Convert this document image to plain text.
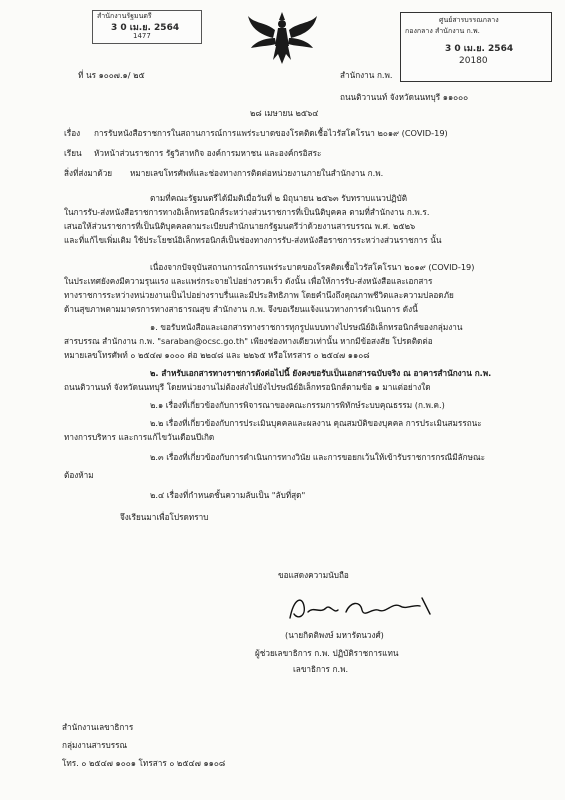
สำนักงานรัฐมนตรี
3 0 เม.ย. 2564
1477
ศูนย์สารบรรณกลาง
กองกลาง สำนักงาน ก.พ.
3 0 เม.ย. 2564
20180
ที่ นร ๑๐๐๗.๑/ ๒๕	สำนักงาน ก.พ.
ถนนติวานนท์ จังหวัดนนทบุรี ๑๑๐๐๐
๒๘ เมษายน ๒๕๖๔
เรื่อง การรับหนังสือราชการในสถานการณ์การแพร่ระบาดของโรคติดเชื้อไวรัสโคโรนา ๒๐๑๙ (COVID-19)
เรียน หัวหน้าส่วนราชการ รัฐวิสาหกิจ องค์การมหาชน และองค์กรอิสระ
สิ่งที่ส่งมาด้วย หมายเลขโทรศัพท์และช่องทางการติดต่อหน่วยงานภายในสำนักงาน ก.พ.
ตามที่คณะรัฐมนตรีได้มีมติเมื่อวันที่ ๒ มิถุนายน ๒๕๖๓ รับทราบแนวปฏิบัติ
ในการรับ-ส่งหนังสือราชการทางอิเล็กทรอนิกส์ระหว่างส่วนราชการที่เป็นนิติบุคคล ตามที่สำนักงาน ก.พ.ร.
เสนอให้ส่วนราชการที่เป็นนิติบุคคลตามระเบียบสำนักนายกรัฐมนตรีว่าด้วยงานสารบรรณ พ.ศ. ๒๕๒๖
และที่แก้ไขเพิ่มเติม ใช้ประโยชน์อิเล็กทรอนิกส์เป็นช่องทางการรับ-ส่งหนังสือราชการระหว่างส่วนราชการ นั้น
เนื่องจากปัจจุบันสถานการณ์การแพร่ระบาดของโรคติดเชื้อไวรัสโคโรนา ๒๐๑๙ (COVID-19)
ในประเทศยังคงมีความรุนแรง และแพร่กระจายไปอย่างรวดเร็ว ดังนั้น เพื่อให้การรับ-ส่งหนังสือและเอกสาร
ทางราชการระหว่างหน่วยงานเป็นไปอย่างราบรื่นและมีประสิทธิภาพ โดยคำนึงถึงคุณภาพชีวิตและความปลอดภัย
ด้านสุขภาพตามมาตรการทางสาธารณสุข สำนักงาน ก.พ. จึงขอเรียนแจ้งแนวทางการดำเนินการ ดังนี้
๑. ขอรับหนังสือและเอกสารทางราชการทุกรูปแบบทางไปรษณีย์อิเล็กทรอนิกส์ของกลุ่มงาน
สารบรรณ สำนักงาน ก.พ. "saraban@ocsc.go.th" เพียงช่องทางเดียวเท่านั้น หากมีข้อสงสัย โปรดติดต่อ
หมายเลขโทรศัพท์ ๐ ๒๕๔๗ ๑๐๐๐ ต่อ ๒๒๔๘ และ ๒๒๖๕ หรือโทรสาร ๐ ๒๕๔๗ ๑๑๐๘
๒. สำหรับเอกสารทางราชการดังต่อไปนี้ ยังคงขอรับเป็นเอกสารฉบับจริง ณ อาคารสำนักงาน ก.พ.
ถนนติวานนท์ จังหวัดนนทบุรี โดยหน่วยงานไม่ต้องส่งไปยังไปรษณีย์อิเล็กทรอนิกส์ตามข้อ ๑ มาแต่อย่างใด
๒.๑ เรื่องที่เกี่ยวข้องกับการพิจารณาของคณะกรรมการพิทักษ์ระบบคุณธรรม (ก.พ.ค.)
๒.๒ เรื่องที่เกี่ยวข้องกับการประเมินบุคคลและผลงาน คุณสมบัติของบุคคล การประเมินสมรรถนะ
ทางการบริหาร และการแก้ไขวันเดือนปีเกิด
๒.๓ เรื่องที่เกี่ยวข้องกับการดำเนินการทางวินัย และการขอยกเว้นให้เข้ารับราชการกรณีมีลักษณะ
ต้องห้าม
๒.๔ เรื่องที่กำหนดชั้นความลับเป็น "ลับที่สุด"
จึงเรียนมาเพื่อโปรดทราบ
ขอแสดงความนับถือ
(นายกิตติพงษ์ มหารัตนวงศ์)
ผู้ช่วยเลขาธิการ ก.พ. ปฏิบัติราชการแทน
เลขาธิการ ก.พ.
สำนักงานเลขาธิการ
กลุ่มงานสารบรรณ
โทร. ๐ ๒๕๔๗ ๑๐๐๑ โทรสาร ๐ ๒๕๔๗ ๑๑๐๘
